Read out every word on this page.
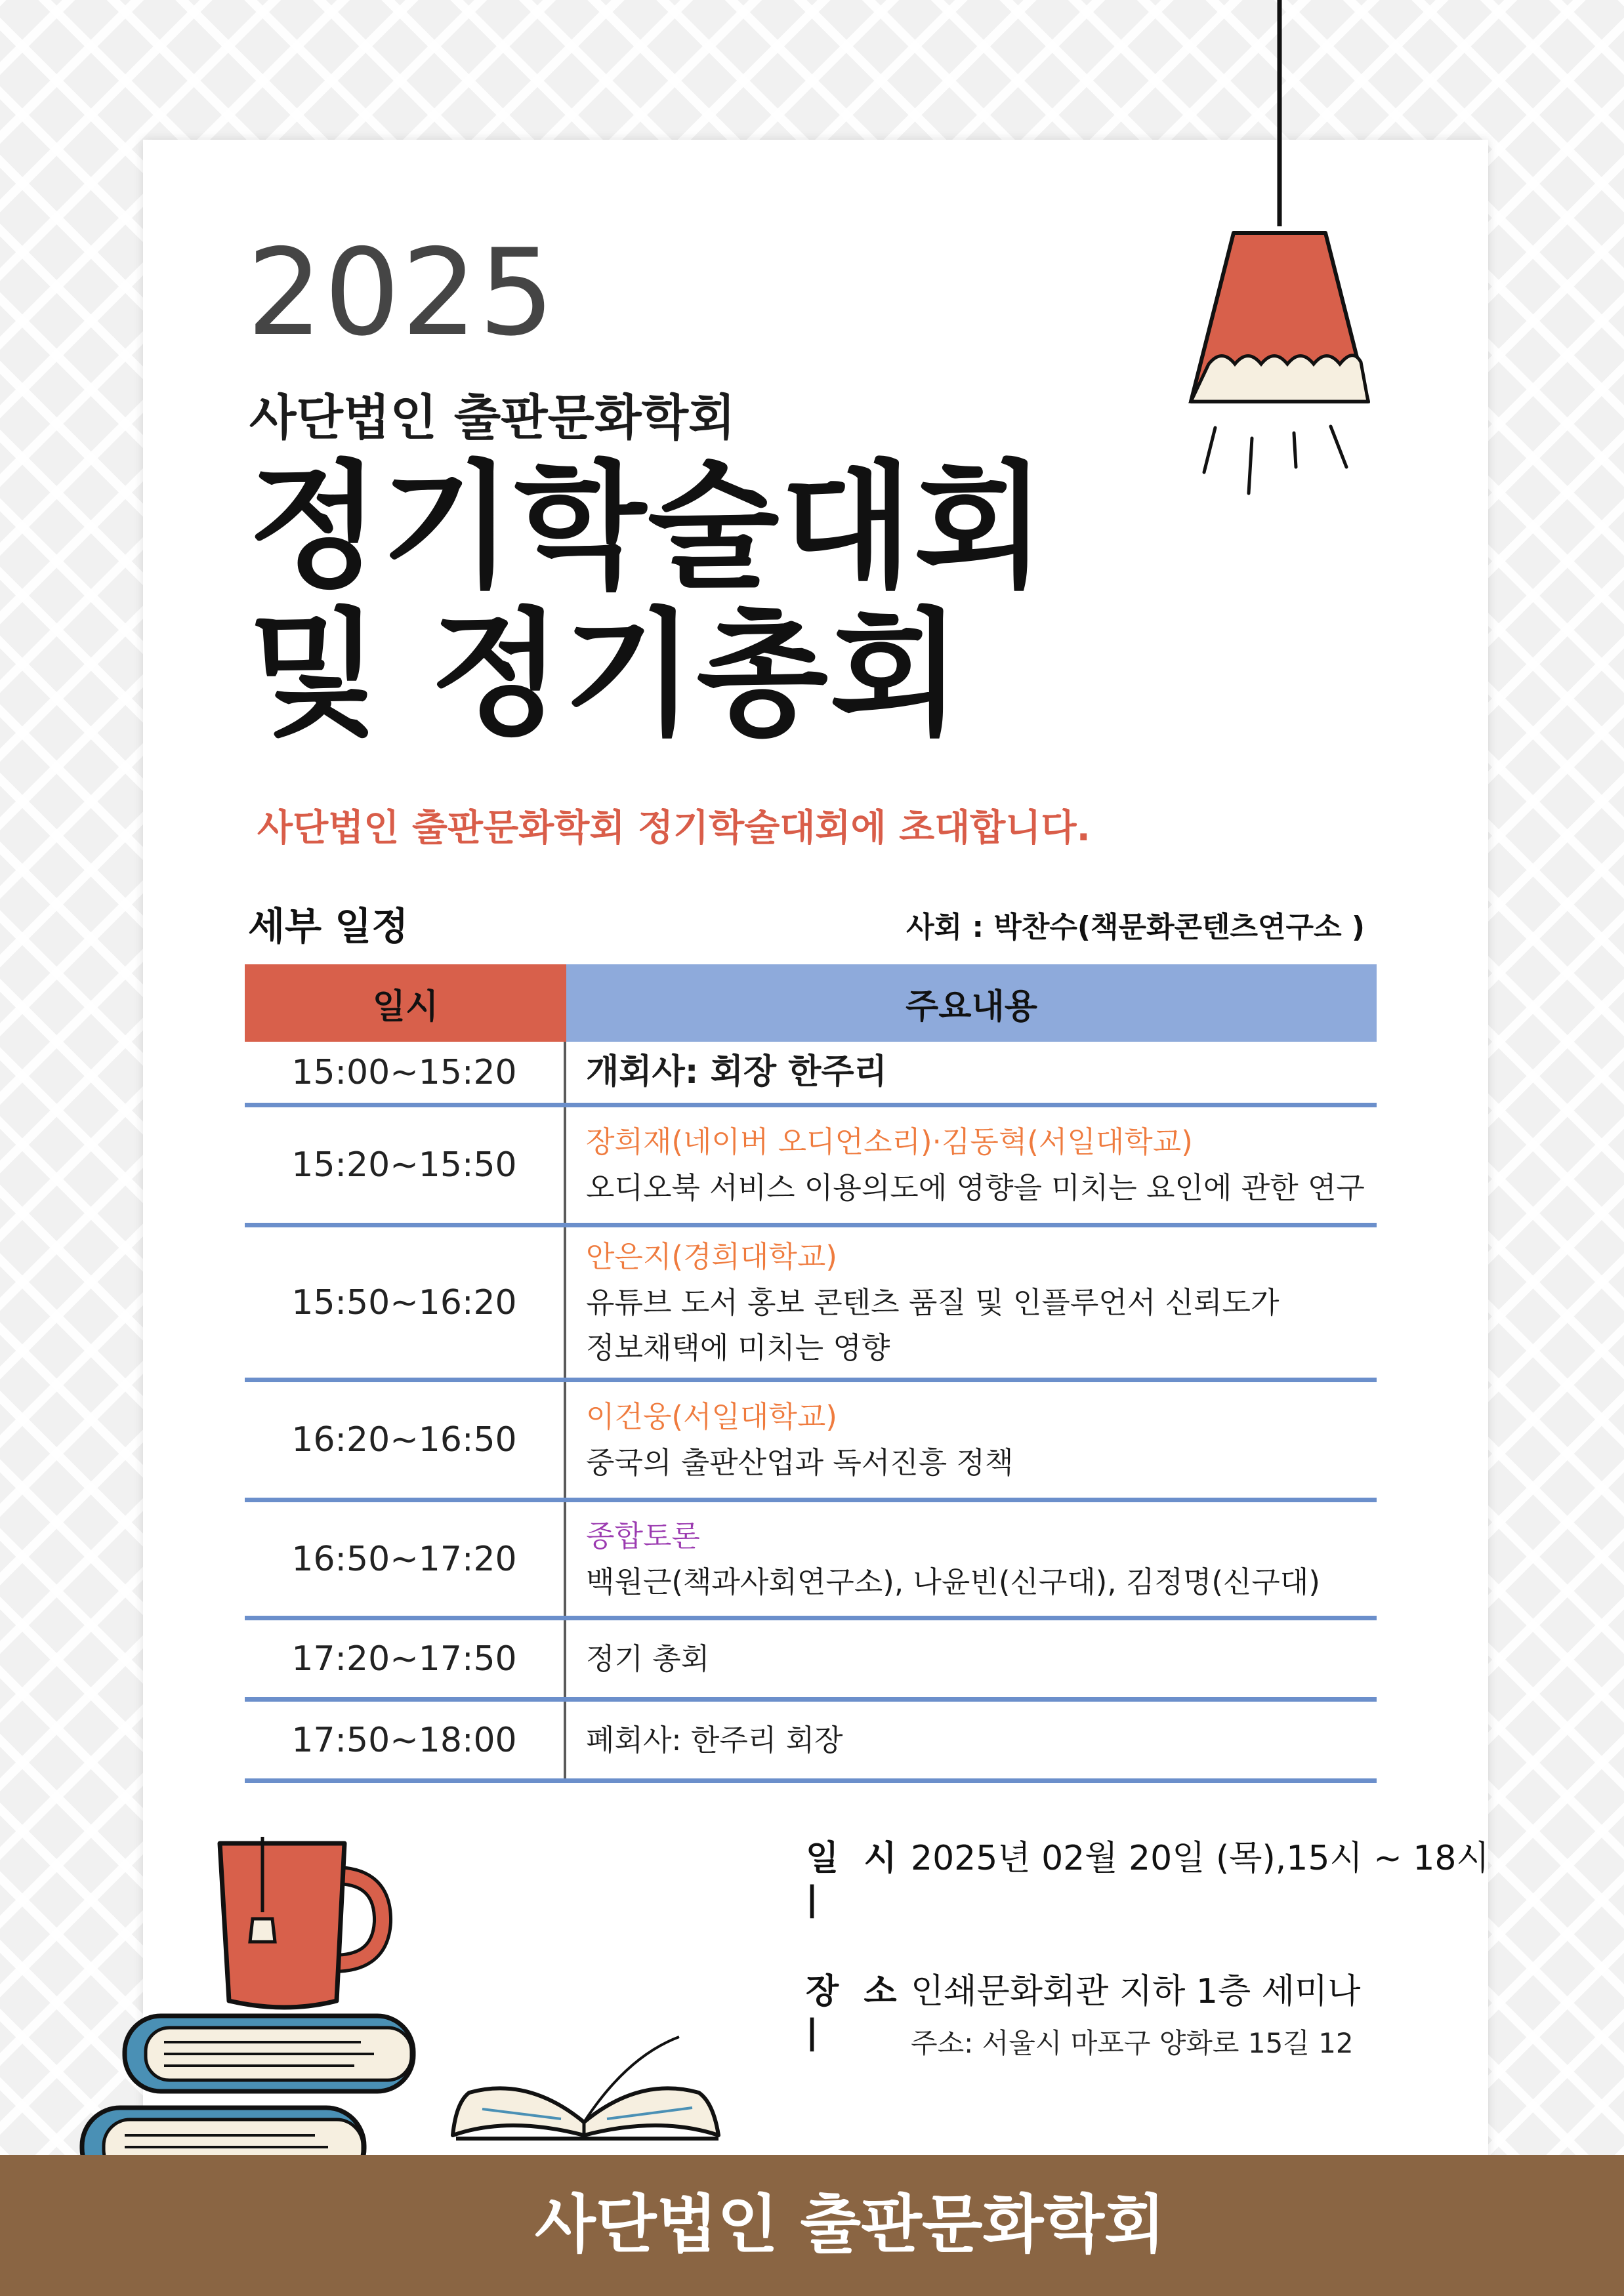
2025
사단법인 출판문화학회
정기학술대회
및 정기총회
사단법인 출판문화학회 정기학술대회에 초대합니다.
세부 일정	사회 : 박찬수(책문화콘텐츠연구소 )
일시	주요내용
15:00~15:20	개회사: 회장 한주리
15:20~15:50
장희재(네이버 오디언소리)·김동혁(서일대학교)
오디오북 서비스 이용의도에 영향을 미치는 요인에 관한 연구
15:50~16:20
안은지(경희대학교)
유튜브 도서 홍보 콘텐츠 품질 및 인플루언서 신뢰도가
정보채택에 미치는 영향
16:20~16:50
이건웅(서일대학교)
중국의 출판산업과 독서진흥 정책
16:50~17:20
종합토론
백원근(책과사회연구소), 나윤빈(신구대), 김정명(신구대)
17:20~17:50	정기 총회
17:50~18:00	폐회사: 한주리 회장
일 시 |
2025년 02월 20일 (목),15시 ~ 18시
장 소 |
인쇄문화회관 지하 1층 세미나
주소: 서울시 마포구 양화로 15길 12
사단법인 출판문화학회
